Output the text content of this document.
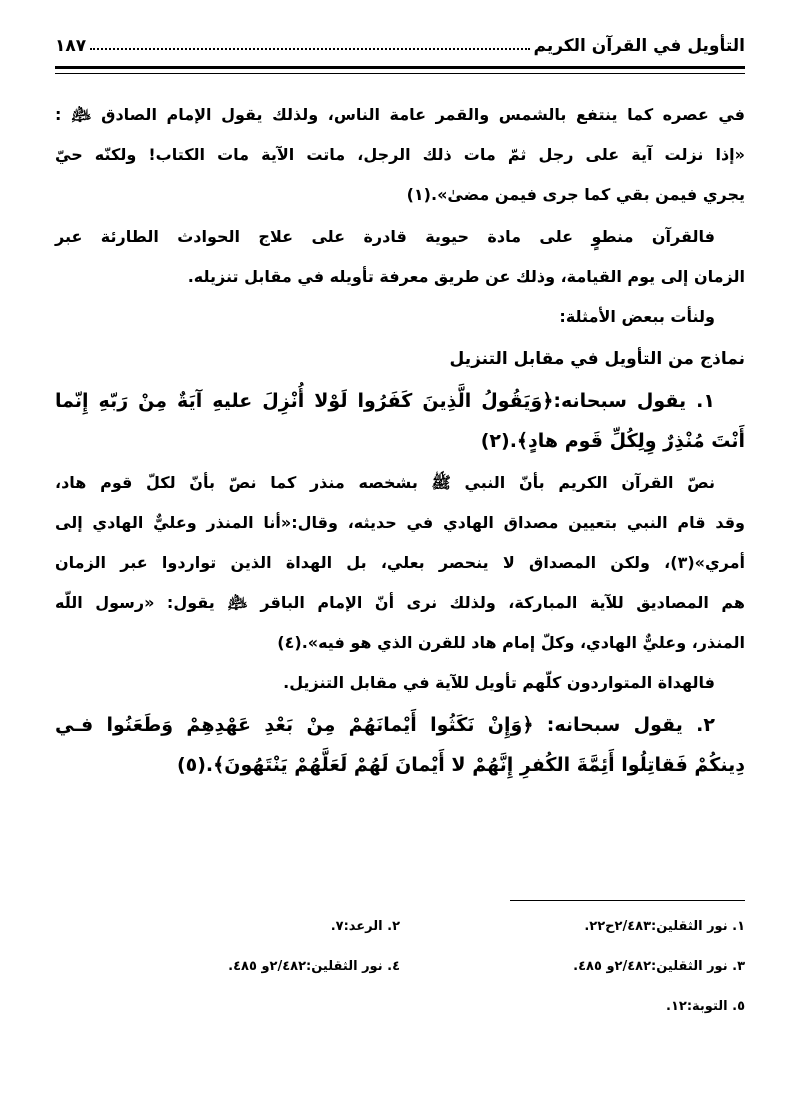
التأويل في القرآن الكريم
١٨٧
في عصره كما ينتفع بالشمس والقمر عامة الناس، ولذلك يقول الإمام الصادق ﵇ :
«إذا نزلت آية على رجل ثمّ مات ذلك الرجل، ماتت الآية مات الكتاب! ولكنّه حيّ
يجري فيمن بقي كما جرى فيمن مضىٰ».(١)
فالقرآن منطوٍ على مادة حيوية قادرة على علاج الحوادث الطارئة عبر
الزمان إلى يوم القيامة، وذلك عن طريق معرفة تأويله في مقابل تنزيله.
ولنأت ببعض الأمثلة:
نماذج من التأويل في مقابل التنزيل
١. يقول سبحانه:﴿وَيَقُولُ الَّذِينَ كَفَرُوا لَوْلا أُنْزِلَ عليهِ آيَةٌ مِنْ رَبّهِ إِنّما
أَنْتَ مُنْذِرٌ وِلِكُلِّ قَوم هادٍ﴾.(٢)
نصّ القرآن الكريم بأنّ النبي ﷺ بشخصه منذر كما نصّ بأنّ لكلّ قوم هاد،
وقد قام النبي بتعيين مصداق الهادي في حديثه، وقال:«أنا المنذر وعليٌّ الهادي إلى
أمري»(٣)، ولكن المصداق لا ينحصر بعلي، بل الهداة الذين تواردوا عبر الزمان
هم المصاديق للآية المباركة، ولذلك نرى أنّ الإمام الباقر ﵇ يقول: «رسول اللّه
المنذر، وعليٌّ الهادي، وكلّ إمام هاد للقرن الذي هو فيه».(٤)
فالهداة المتواردون كلّهم تأويل للآية في مقابل التنزيل.
٢. يقول سبحانه: ﴿وَإِنْ نَكَثُوا أَيْمانَهُمْ مِنْ بَعْدِ عَهْدِهِمْ وَطَعَنُوا فـي
دِينكُمْ فَقاتِلُوا أَئِمَّةَ الكُفرِ إِنَّهُمْ لا أَيْمانَ لَهُمْ لَعَلَّهُمْ يَنْتَهُونَ﴾.(٥)
١. نور الثقلين:٢/٤٨٣ح٢٢.
٢. الرعد:٧.
٣. نور الثقلين:٢/٤٨٢و ٤٨٥.
٤. نور الثقلين:٢/٤٨٢و ٤٨٥.
٥. التوبة:١٢.
